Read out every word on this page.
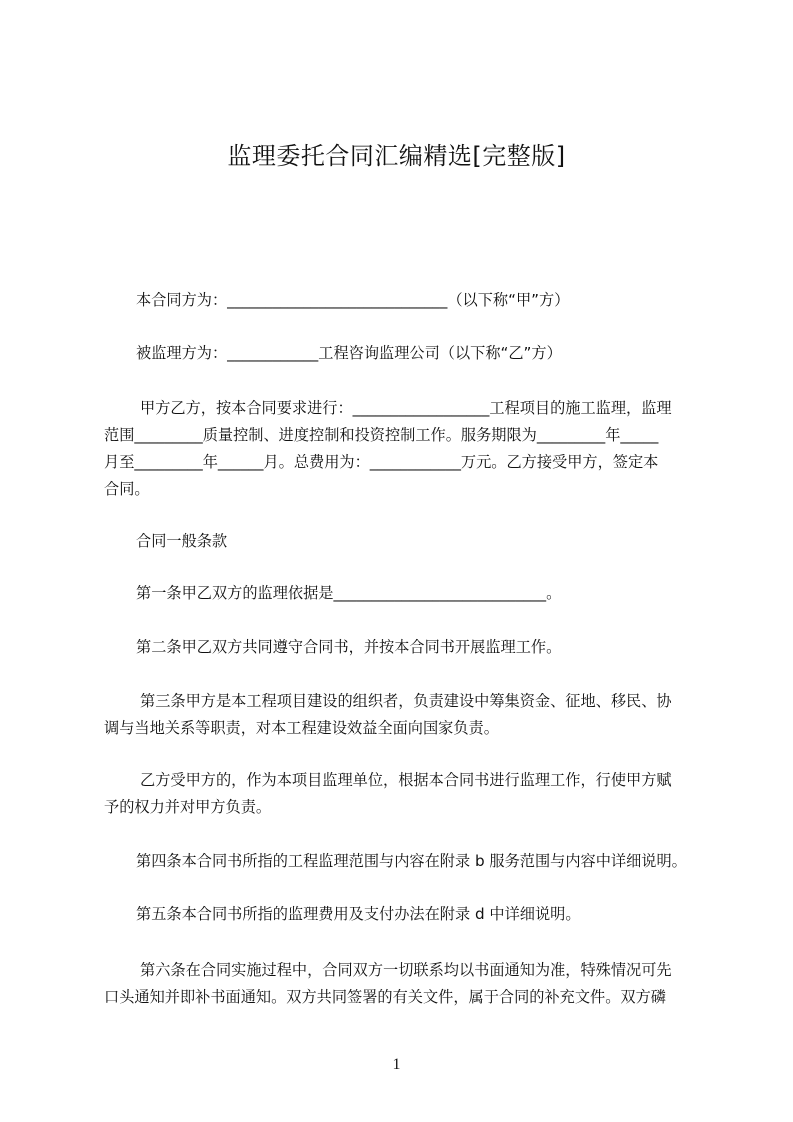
监理委托合同汇编精选[完整版]
本合同方为：_____________________________（以下称“甲”方）
被监理方为：____________工程咨询监理公司（以下称“乙”方）
甲方乙方，按本合同要求进行：__________________工程项目的施工监理，监理
范围_________质量控制、进度控制和投资控制工作。服务期限为_________年_____
月至_________年______月。总费用为：____________万元。乙方接受甲方，签定本
合同。
合同一般条款
第一条甲乙双方的监理依据是____________________________。
第二条甲乙双方共同遵守合同书，并按本合同书开展监理工作。
第三条甲方是本工程项目建设的组织者，负责建设中筹集资金、征地、移民、协
调与当地关系等职责，对本工程建设效益全面向国家负责。
乙方受甲方的，作为本项目监理单位，根据本合同书进行监理工作，行使甲方赋
予的权力并对甲方负责。
第四条本合同书所指的工程监理范围与内容在附录 b 服务范围与内容中详细说明。
第五条本合同书所指的监理费用及支付办法在附录 d 中详细说明。
第六条在合同实施过程中，合同双方一切联系均以书面通知为准，特殊情况可先
口头通知并即补书面通知。双方共同签署的有关文件，属于合同的补充文件。双方磷
1
